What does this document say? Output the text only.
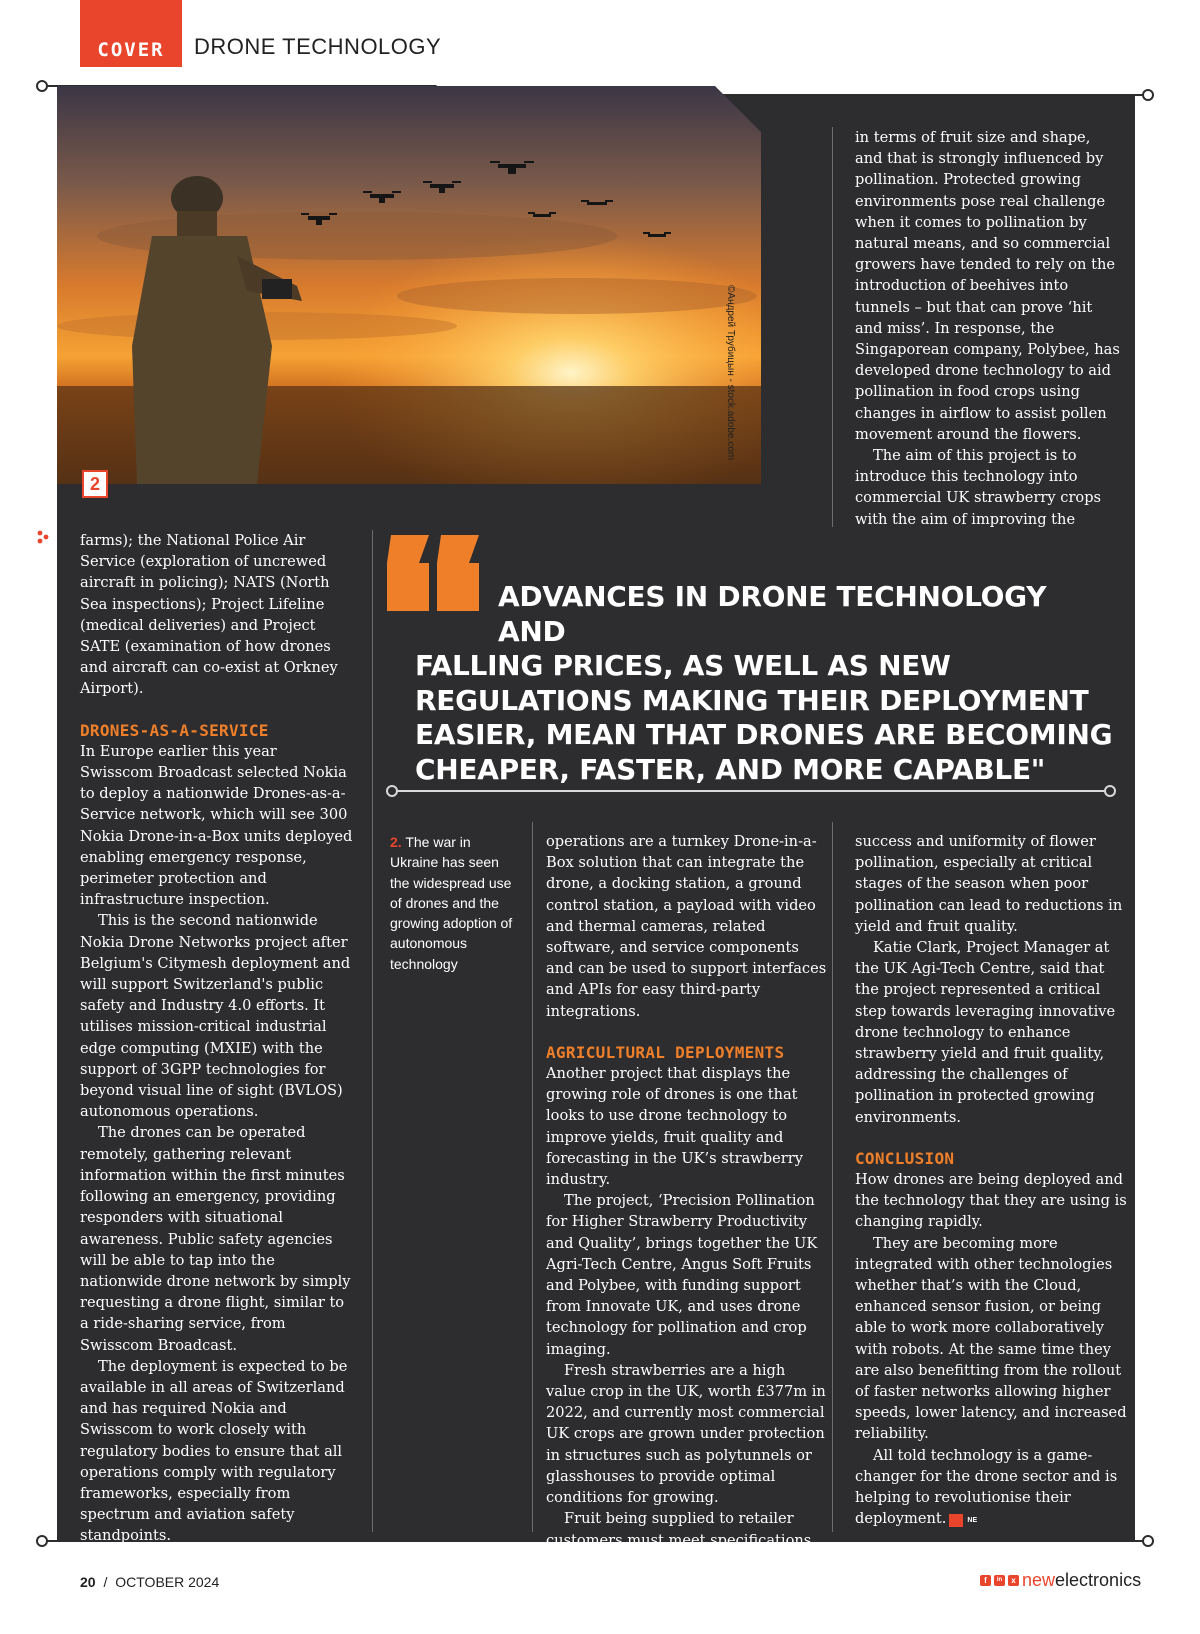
COVER	DRONE TECHNOLOGY
©Андрей Трубицын - stock.adobe.com
2

farms); the National Police Air Service (exploration of uncrewed aircraft in policing); NATS (North Sea inspections); Project Lifeline (medical deliveries) and Project SATE (examination of how drones and aircraft can co-exist at Orkney Airport).

DRONES-AS-A-SERVICE

In Europe earlier this year Swisscom Broadcast selected Nokia to deploy a nationwide Drones-as-a-Service network, which will see 300 Nokia Drone-in-a-Box units deployed enabling emergency response, perimeter protection and infrastructure inspection.

This is the second nationwide Nokia Drone Networks project after Belgium's Citymesh deployment and will support Switzerland's public safety and Industry 4.0 efforts. It utilises mission-critical industrial edge computing (MXIE) with the support of 3GPP technologies for beyond visual line of sight (BVLOS) autonomous operations.

The drones can be operated remotely, gathering relevant information within the first minutes following an emergency, providing responders with situational awareness. Public safety agencies will be able to tap into the nationwide drone network by simply requesting a drone flight, similar to a ride-sharing service, from Swisscom Broadcast.

The deployment is expected to be available in all areas of Switzerland and has required Nokia and Swisscom to work closely with regulatory bodies to ensure that all operations comply with regulatory frameworks, especially from spectrum and aviation safety standpoints.

These Drone-as-a-Service

in terms of fruit size and shape, and that is strongly influenced by pollination. Protected growing environments pose real challenge when it comes to pollination by natural means, and so commercial growers have tended to rely on the introduction of beehives into tunnels – but that can prove ‘hit and miss’. In response, the Singaporean company, Polybee, has developed drone technology to aid pollination in food crops using changes in airflow to assist pollen movement around the flowers.

The aim of this project is to introduce this technology into commercial UK strawberry crops with the aim of improving the

ADVANCES IN DRONE TECHNOLOGY AND
FALLING PRICES, AS WELL AS NEW REGULATIONS MAKING THEIR DEPLOYMENT EASIER, MEAN THAT DRONES ARE BECOMING CHEAPER, FASTER, AND MORE CAPABLE"
2. The war in Ukraine has seen the widespread use of drones and the growing adoption of autonomous technology

operations are a turnkey Drone-in-a-Box solution that can integrate the drone, a docking station, a ground control station, a payload with video and thermal cameras, related software, and service components and can be used to support interfaces and APIs for easy third-party integrations.

AGRICULTURAL DEPLOYMENTS

Another project that displays the growing role of drones is one that looks to use drone technology to improve yields, fruit quality and forecasting in the UK’s strawberry industry.

The project, ‘Precision Pollination for Higher Strawberry Productivity and Quality’, brings together the UK Agri-Tech Centre, Angus Soft Fruits and Polybee, with funding support from Innovate UK, and uses drone technology for pollination and crop imaging.

Fresh strawberries are a high value crop in the UK, worth £377m in 2022, and currently most commercial UK crops are grown under protection in structures such as polytunnels or glasshouses to provide optimal conditions for growing.

Fruit being supplied to retailer customers must meet specifications

success and uniformity of flower pollination, especially at critical stages of the season when poor pollination can lead to reductions in yield and fruit quality.

Katie Clark, Project Manager at the UK Agi-Tech Centre, said that the project represented a critical step towards leveraging innovative drone technology to enhance strawberry yield and fruit quality, addressing the challenges of pollination in protected growing environments.

CONCLUSION

How drones are being deployed and the technology that they are using is changing rapidly.

They are becoming more integrated with other technologies whether that’s with the Cloud, enhanced sensor fusion, or being able to work more collaboratively with robots. At the same time they are also benefitting from the rollout of faster networks allowing higher speeds, lower latency, and increased reliability.

All told technology is a game-changer for the drone sector and is helping to revolutionise their deployment.	NE

20 / OCTOBER 2024	f	in	x newelectronics
